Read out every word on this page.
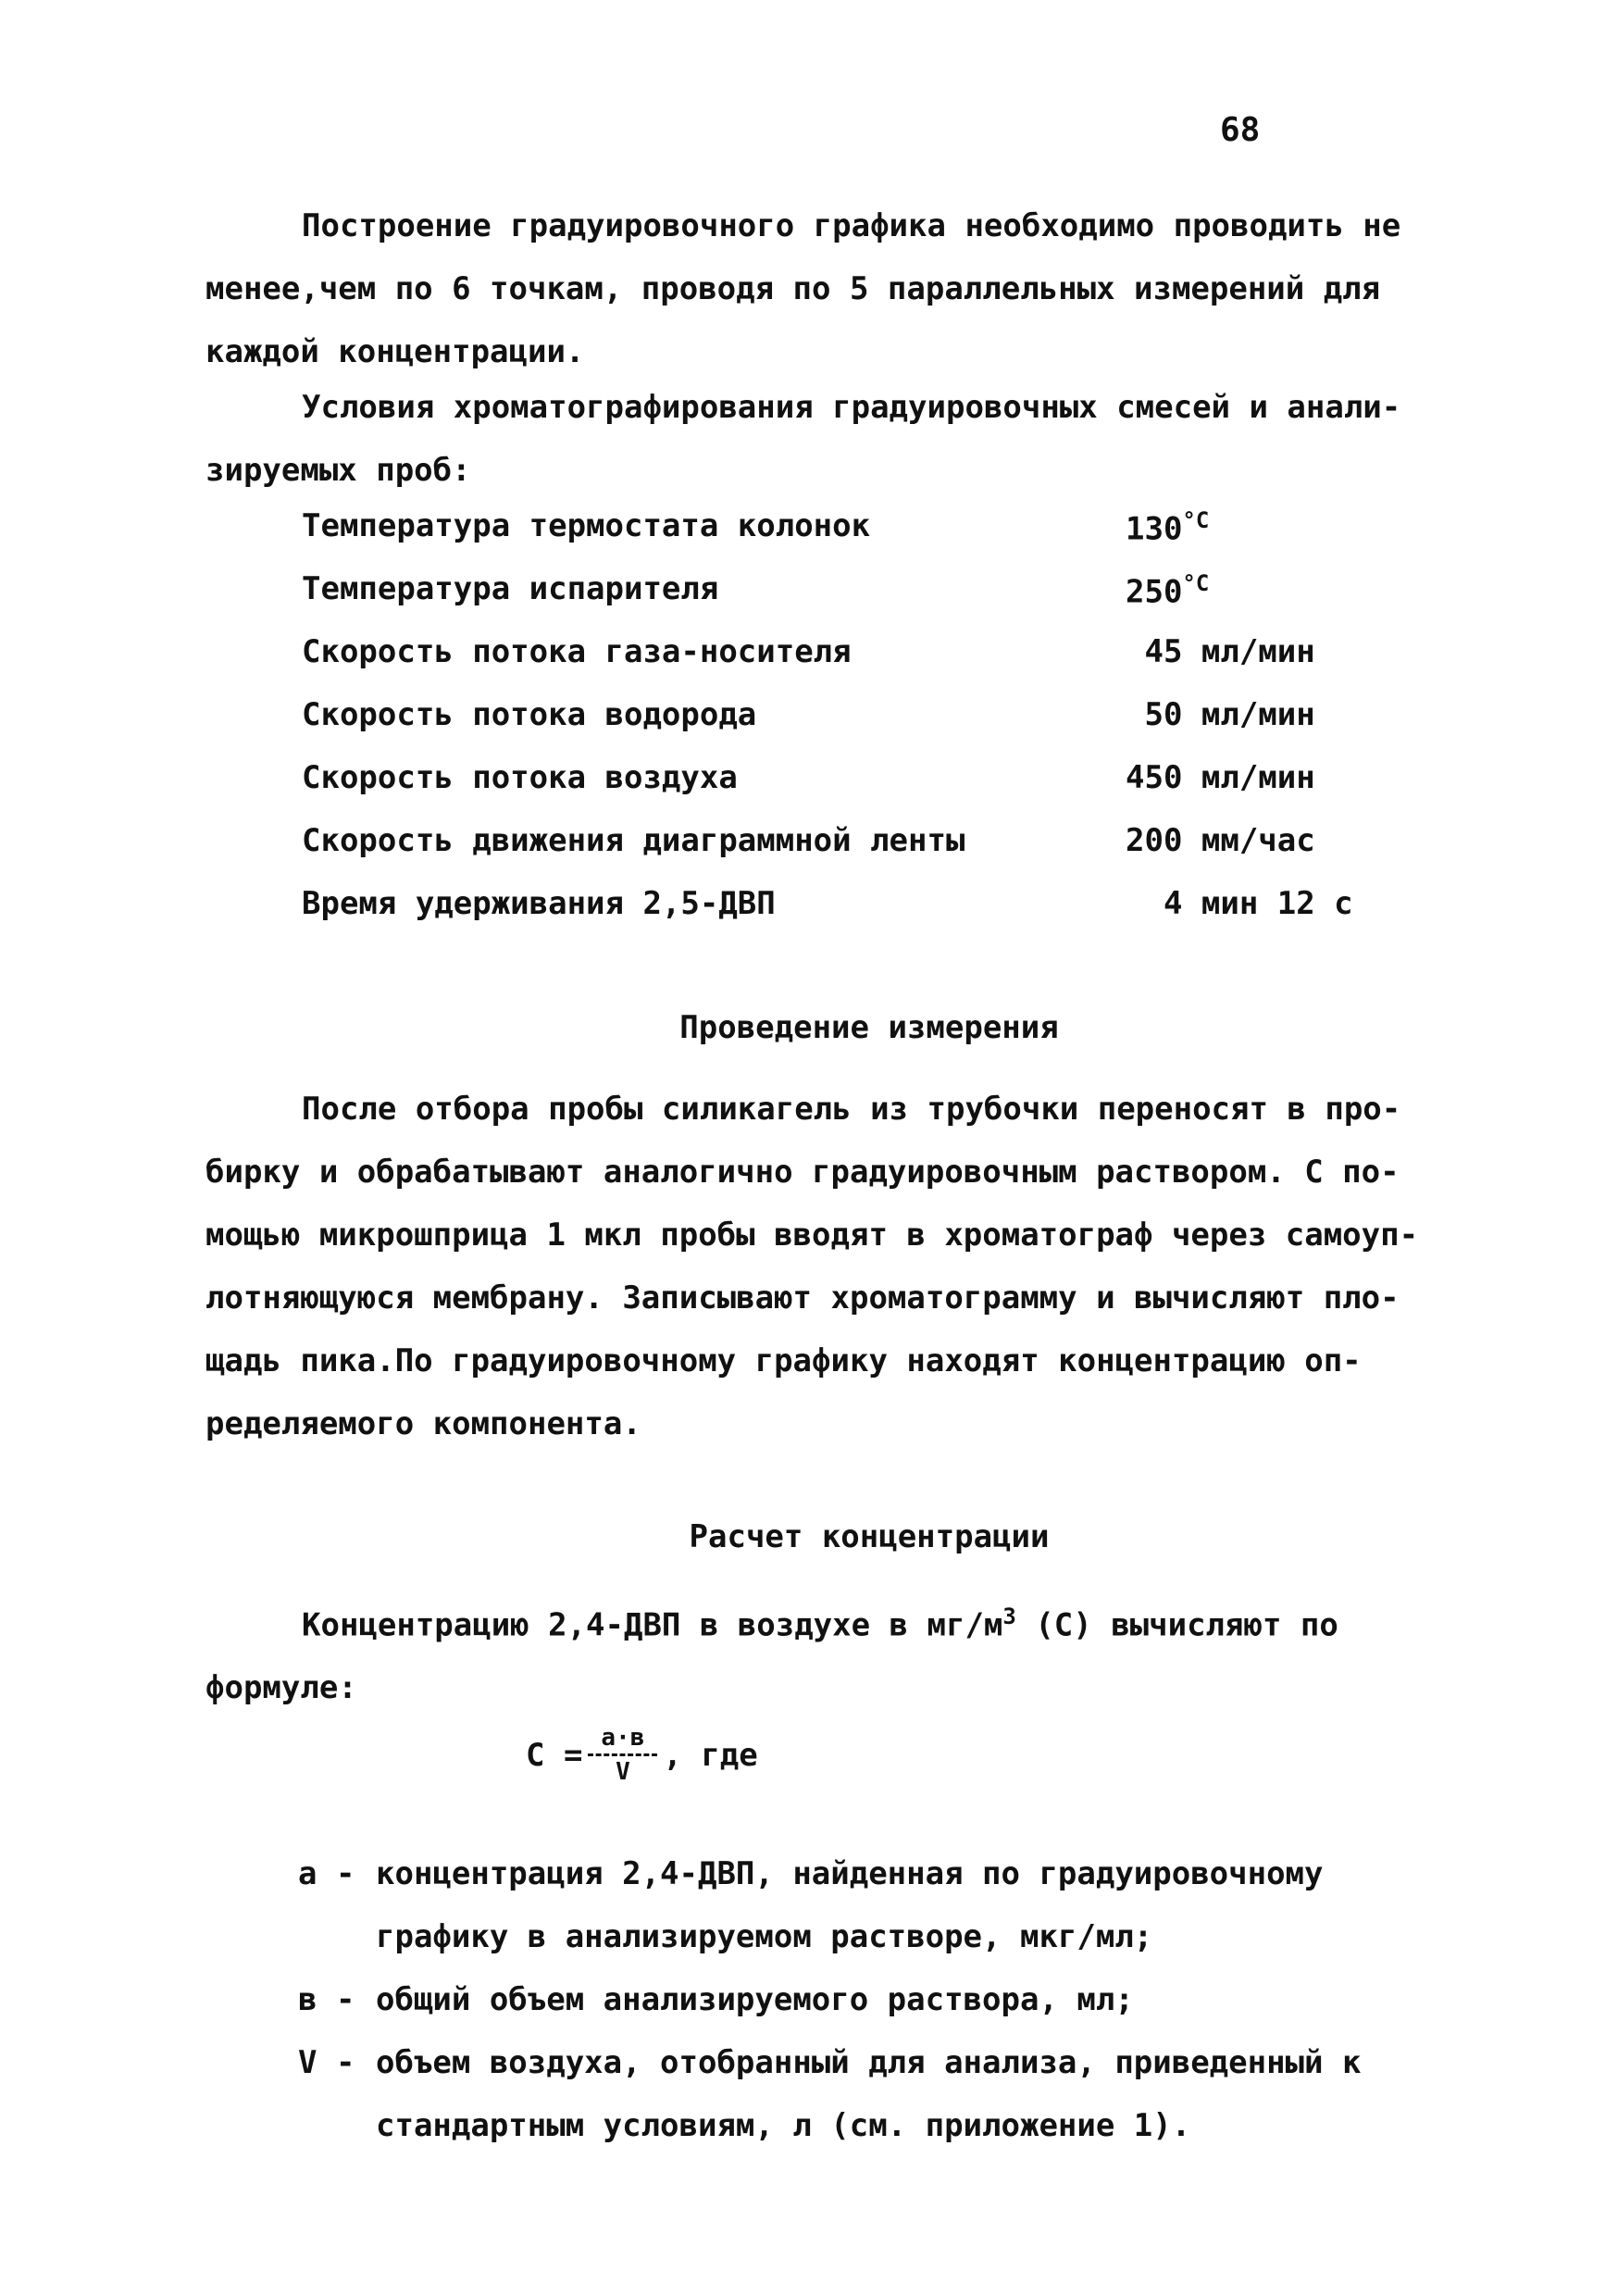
68
Построение градуировочного графика необходимо проводить не
менее,чем по 6 точкам, проводя по 5 параллельных измерений для
каждой концентрации.
Условия хроматографирования градуировочных смесей и анали-
зируемых проб:
Температура термостата колонок	$130^{^\circ С}$
Температура испарителя	$250^{^\circ С}$
Скорость потока газа-носителя	45 мл/мин
Скорость потока водорода	50 мл/мин
Скорость потока воздуха	450 мл/мин
Скорость движения диаграммной ленты	200 мм/час
Время удерживания 2,5-ДВП	4 мин 12 с
Проведение измерения
После отбора пробы силикагель из трубочки переносят в про-
бирку и обрабатывают аналогично градуировочным раствором. С по-
мощью микрошприца 1 мкл пробы вводят в хроматограф через самоуп-
лотняющуюся мембрану. Записывают хроматограмму и вычисляют пло-
щадь пика.По градуировочному графику находят концентрацию оп-
ределяемого компонента.
Расчет концентрации
Концентрацию 2,4-ДВП в воздухе в $мг/м^3$ (С) вычисляют по
формуле:
$С = \frac{а\cdot в}{V}$ , где
а - концентрация 2,4-ДВП, найденная по градуировочному
графику в анализируемом растворе, мкг/мл;
в - общий объем анализируемого раствора, мл;
V - объем воздуха, отобранный для анализа, приведенный к
стандартным условиям, л (см. приложение 1).
